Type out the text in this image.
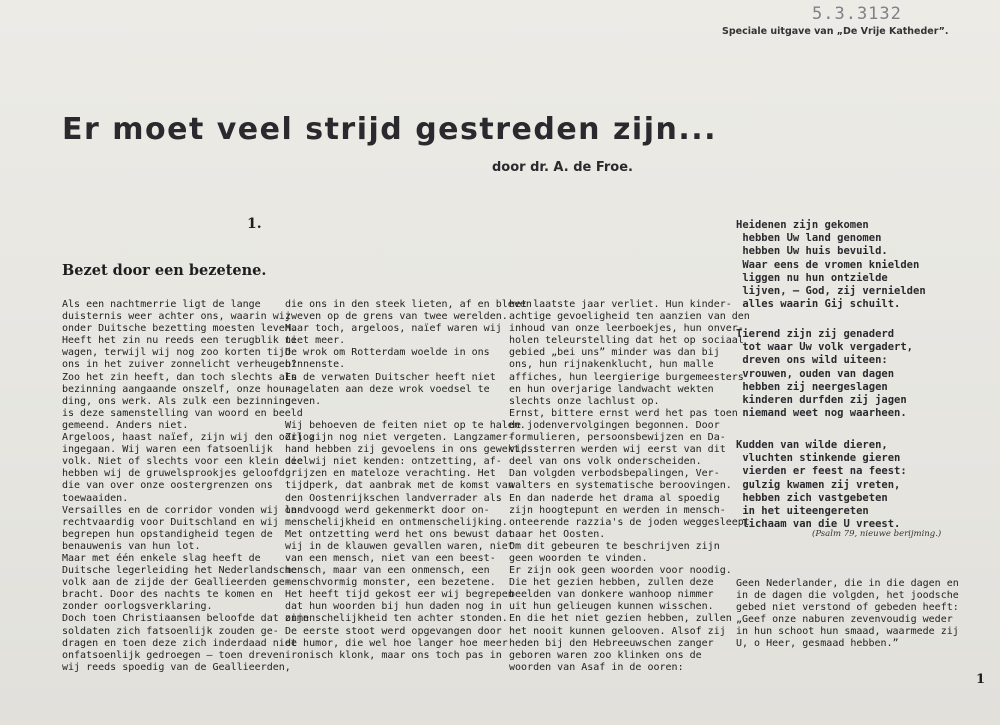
5.3.3132
Speciale uitgave van „De Vrije Katheder”.
Er moet veel strijd gestreden zijn...
door dr. A. de Froe.
1.
Bezet door een bezetene.
Als een nachtmerrie ligt de lange
duisternis weer achter ons, waarin wij
onder Duitsche bezetting moesten leven.
Heeft het zin nu reeds een terugblik te
wagen, terwijl wij nog zoo korten tijd
ons in het zuiver zonnelicht verheugen?
Zoo het zin heeft, dan toch slechts als
bezinning aangaande onszelf, onze hou-
ding, ons werk. Als zulk een bezinning
is deze samenstelling van woord en beeld
gemeend. Anders niet.
Argeloos, haast naïef, zijn wij den oorlog
ingegaan. Wij waren een fatsoenlijk
volk. Niet of slechts voor een klein deel
hebben wij de gruwelsprookjes geloofd
die van over onze oostergrenzen ons
toewaaiden.
Versailles en de corridor vonden wij on-
rechtvaardig voor Duitschland en wij
begrepen hun opstandigheid tegen de
benauwenis van hun lot.
Maar met één enkele slag heeft de
Duitsche legerleiding het Nederlandsche
volk aan de zijde der Geallieerden ge-
bracht. Door des nachts te komen en
zonder oorlogsverklaring.
Doch toen Christiaansen beloofde dat zijn
soldaten zich fatsoenlijk zouden ge-
dragen en toen deze zich inderdaad niet
onfatsoenlijk gedroegen — toen dreven
wij reeds spoedig van de Geallieerden,
die ons in den steek lieten, af en bleven
zweven op de grens van twee werelden.
Maar toch, argeloos, naïef waren wij
niet meer.
De wrok om Rotterdam woelde in ons
binnenste.
En de verwaten Duitscher heeft niet
nagelaten aan deze wrok voedsel te
geven.

Wij behoeven de feiten niet op te halen.
Zij zijn nog niet vergeten. Langzamer-
hand hebben zij gevoelens in ons gewekt,
die wij niet kenden: ontzetting, af-
grijzen en mateloze verachting. Het
tijdperk, dat aanbrak met de komst van
den Oostenrijkschen landverrader als
landvoogd werd gekenmerkt door on-
menschelijkheid en ontmenschelijking.
Met ontzetting werd het ons bewust dat
wij in de klauwen gevallen waren, niet
van een mensch, niet van een beest-
mensch, maar van een onmensch, een
menschvormig monster, een bezetene.
Het heeft tijd gekost eer wij begrepen
dat hun woorden bij hun daden nog in
onmenschelijkheid ten achter stonden.
De eerste stoot werd opgevangen door
de humor, die wel hoe langer hoe meer
ironisch klonk, maar ons toch pas in
het laatste jaar verliet. Hun kinder-
achtige gevoeligheid ten aanzien van den
inhoud van onze leerboekjes, hun onver-
holen teleurstelling dat het op sociaal
gebied „bei uns” minder was dan bij
ons, hun rijnakenklucht, hun malle
affiches, hun leergierige burgemeesters
en hun overjarige landwacht wekten
slechts onze lachlust op.
Ernst, bittere ernst werd het pas toen
de jodenvervolgingen begonnen. Door
formulieren, persoonsbewijzen en Da-
vidssterren werden wij eerst van dit
deel van ons volk onderscheiden.
Dan volgden verbodsbepalingen, Ver-
walters en systematische beroovingen.
En dan naderde het drama al spoedig
zijn hoogtepunt en werden in mensch-
onteerende razzia's de joden weggesleept
naar het Oosten.
Om dit gebeuren te beschrijven zijn
geen woorden te vinden.
Er zijn ook geen woorden voor noodig.
Die het gezien hebben, zullen deze
beelden van donkere wanhoop nimmer
uit hun gelieugen kunnen wisschen.
En die het niet gezien hebben, zullen
het nooit kunnen gelooven. Alsof zij
heden bij den Hebreeuwschen zanger
geboren waren zoo klinken ons de
woorden van Asaf in de ooren:
Heidenen zijn gekomen
hebben Uw land genomen
hebben Uw huis bevuild.
Waar eens de vromen knielden
liggen nu hun ontzielde
lijven, — God, zij vernielden
alles waarin Gij schuilt.
Tierend zijn zij genaderd
tot waar Uw volk vergadert,
dreven ons wild uiteen:
vrouwen, ouden van dagen
hebben zij neergeslagen
kinderen durfden zij jagen
niemand weet nog waarheen.
Kudden van wilde dieren,
vluchten stinkende gieren
vierden er feest na feest:
gulzig kwamen zij vreten,
hebben zich vastgebeten
in het uiteengereten
lichaam van die U vreest.
(Psalm 79, nieuwe berijming.)
Geen Nederlander, die in die dagen en
in de dagen die volgden, het joodsche
gebed niet verstond of gebeden heeft:
„Geef onze naburen zevenvoudig weder
in hun schoot hun smaad, waarmede zij
U, o Heer, gesmaad hebben.”
1
